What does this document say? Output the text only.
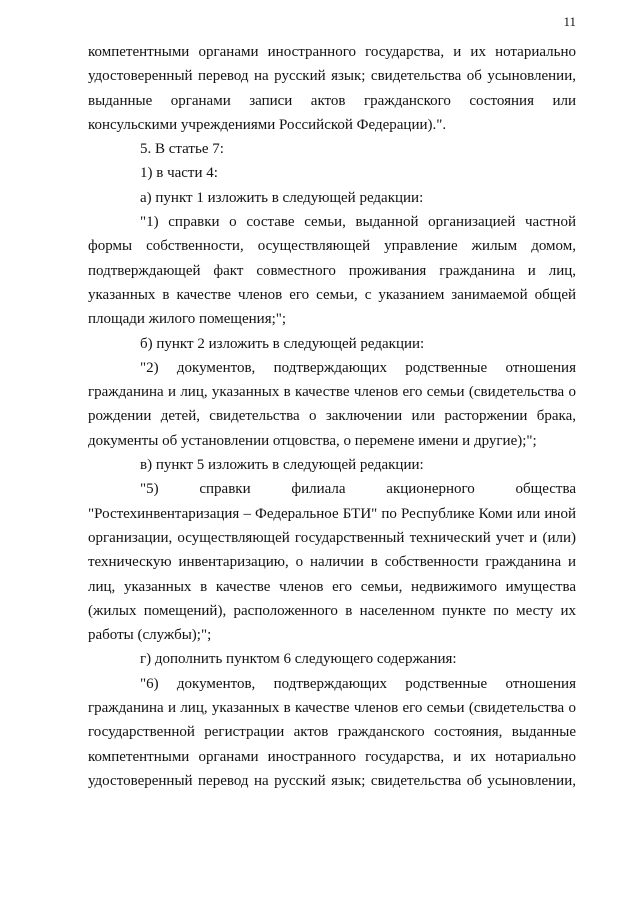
11

компетентными органами иностранного государства, и их нотариально удостоверенный перевод на русский язык; свидетельства об усыновлении, выданные органами записи актов гражданского состояния или консульскими учреждениями Российской Федерации).".

5. В статье 7:

1) в части 4:

а) пункт 1 изложить в следующей редакции:

"1) справки о составе семьи, выданной организацией частной формы собственности, осуществляющей управление жилым домом, подтверждающей факт совместного проживания гражданина и лиц, указанных в качестве членов его семьи, с указанием занимаемой общей площади жилого помещения;";

б) пункт 2 изложить в следующей редакции:

"2) документов, подтверждающих родственные отношения гражданина и лиц, указанных в качестве членов его семьи (свидетельства о рождении детей, свидетельства о заключении или расторжении брака, документы об установлении отцовства, о перемене имени и другие);";

в) пункт 5 изложить в следующей редакции:

"5) справки филиала акционерного общества "Ростехинвентаризация – Федеральное БТИ" по Республике Коми или иной организации, осуществляющей государственный технический учет и (или) техническую инвентаризацию, о наличии в собственности гражданина и лиц, указанных в качестве членов его семьи, недвижимого имущества (жилых помещений), расположенного в населенном пункте по месту их работы (службы);";

г) дополнить пунктом 6 следующего содержания:

"6) документов, подтверждающих родственные отношения гражданина и лиц, указанных в качестве членов его семьи (свидетельства о государственной регистрации актов гражданского состояния, выданные компетентными органами иностранного государства, и их нотариально удостоверенный перевод на русский язык; свидетельства об усыновлении,
